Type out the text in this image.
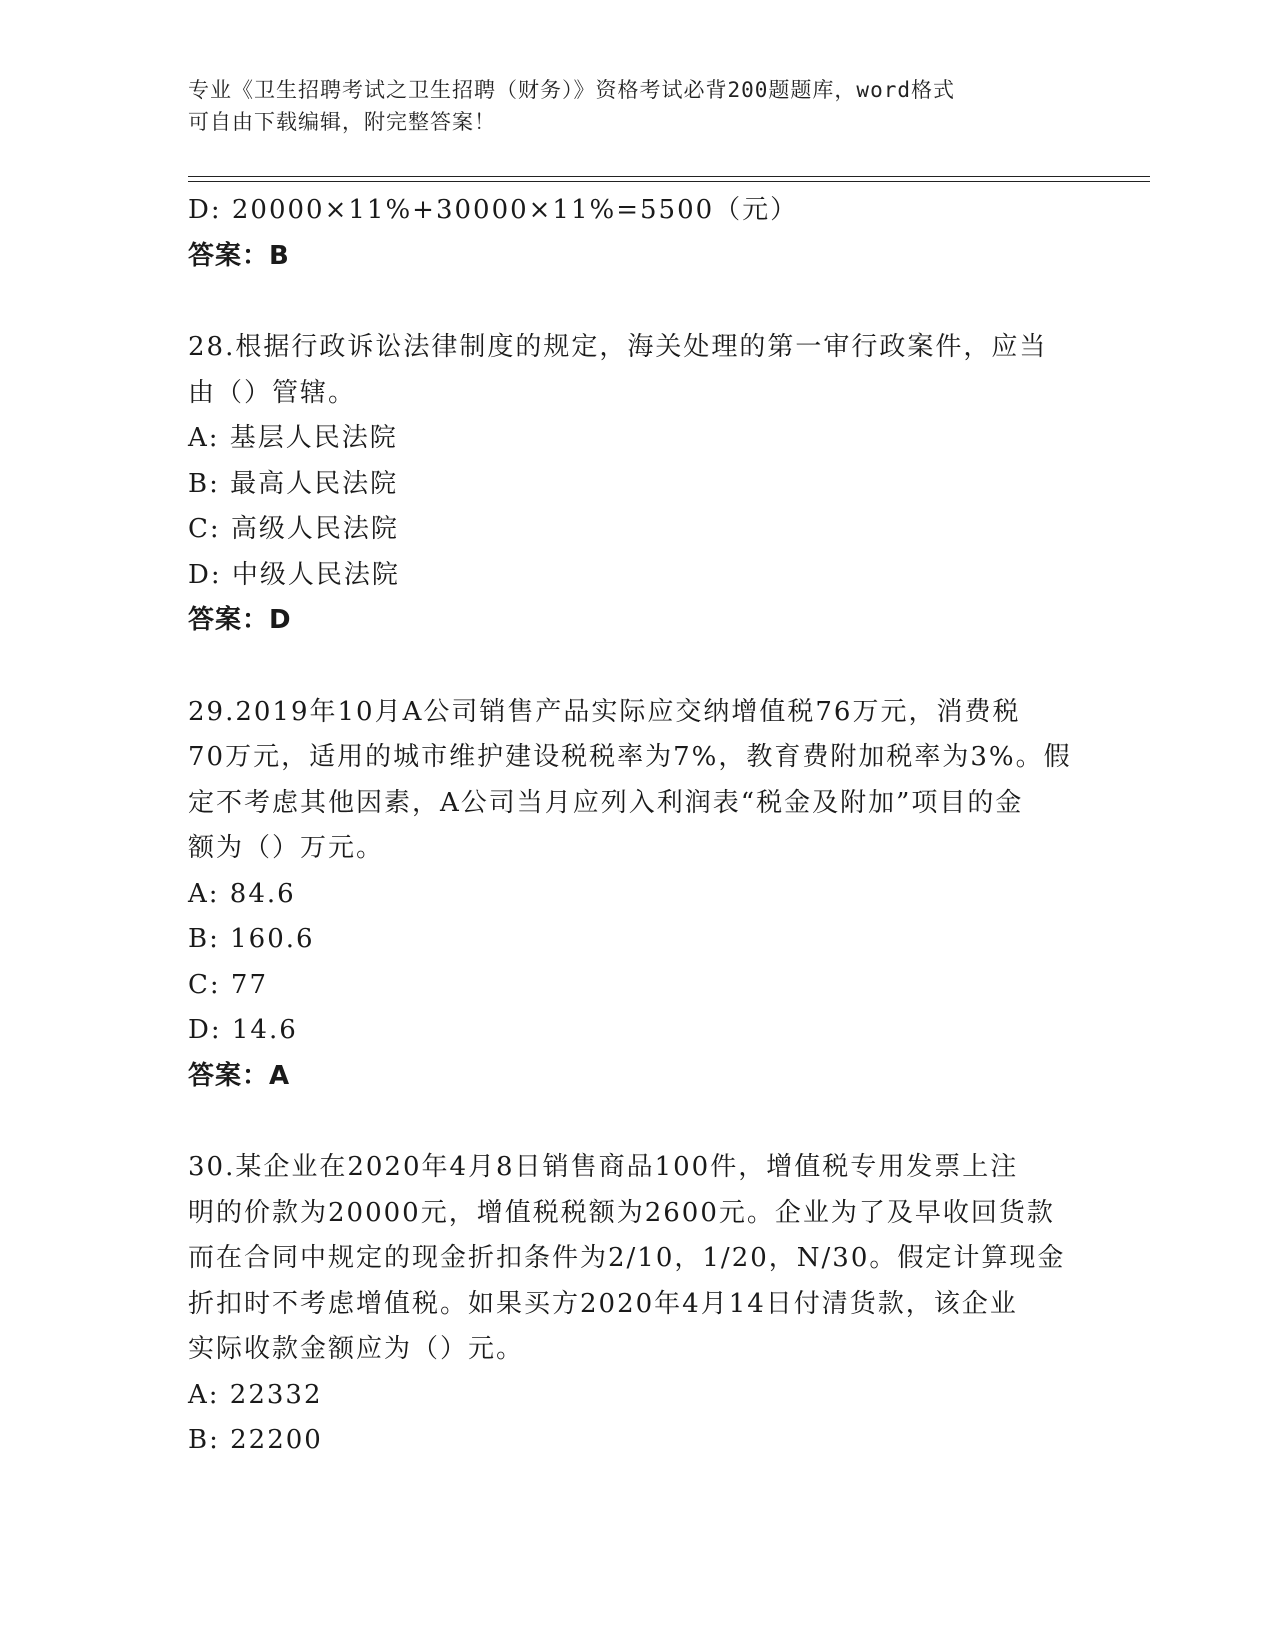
专业《卫生招聘考试之卫生招聘（财务）》资格考试必背200题题库，word格式
可自由下载编辑，附完整答案！
D: 20000×11%+30000×11%=5500（元）
答案：B
28.根据行政诉讼法律制度的规定，海关处理的第一审行政案件，应当
由（）管辖。
A: 基层人民法院
B: 最高人民法院
C: 高级人民法院
D: 中级人民法院
答案：D
29.2019年10月A公司销售产品实际应交纳增值税76万元，消费税
70万元，适用的城市维护建设税税率为7%，教育费附加税率为3%。假
定不考虑其他因素，A公司当月应列入利润表“税金及附加”项目的金
额为（）万元。
A: 84.6
B: 160.6
C: 77
D: 14.6
答案：A
30.某企业在2020年4月8日销售商品100件，增值税专用发票上注
明的价款为20000元，增值税税额为2600元。企业为了及早收回货款
而在合同中规定的现金折扣条件为2/10，1/20，N/30。假定计算现金
折扣时不考虑增值税。如果买方2020年4月14日付清货款，该企业
实际收款金额应为（）元。
A: 22332
B: 22200
